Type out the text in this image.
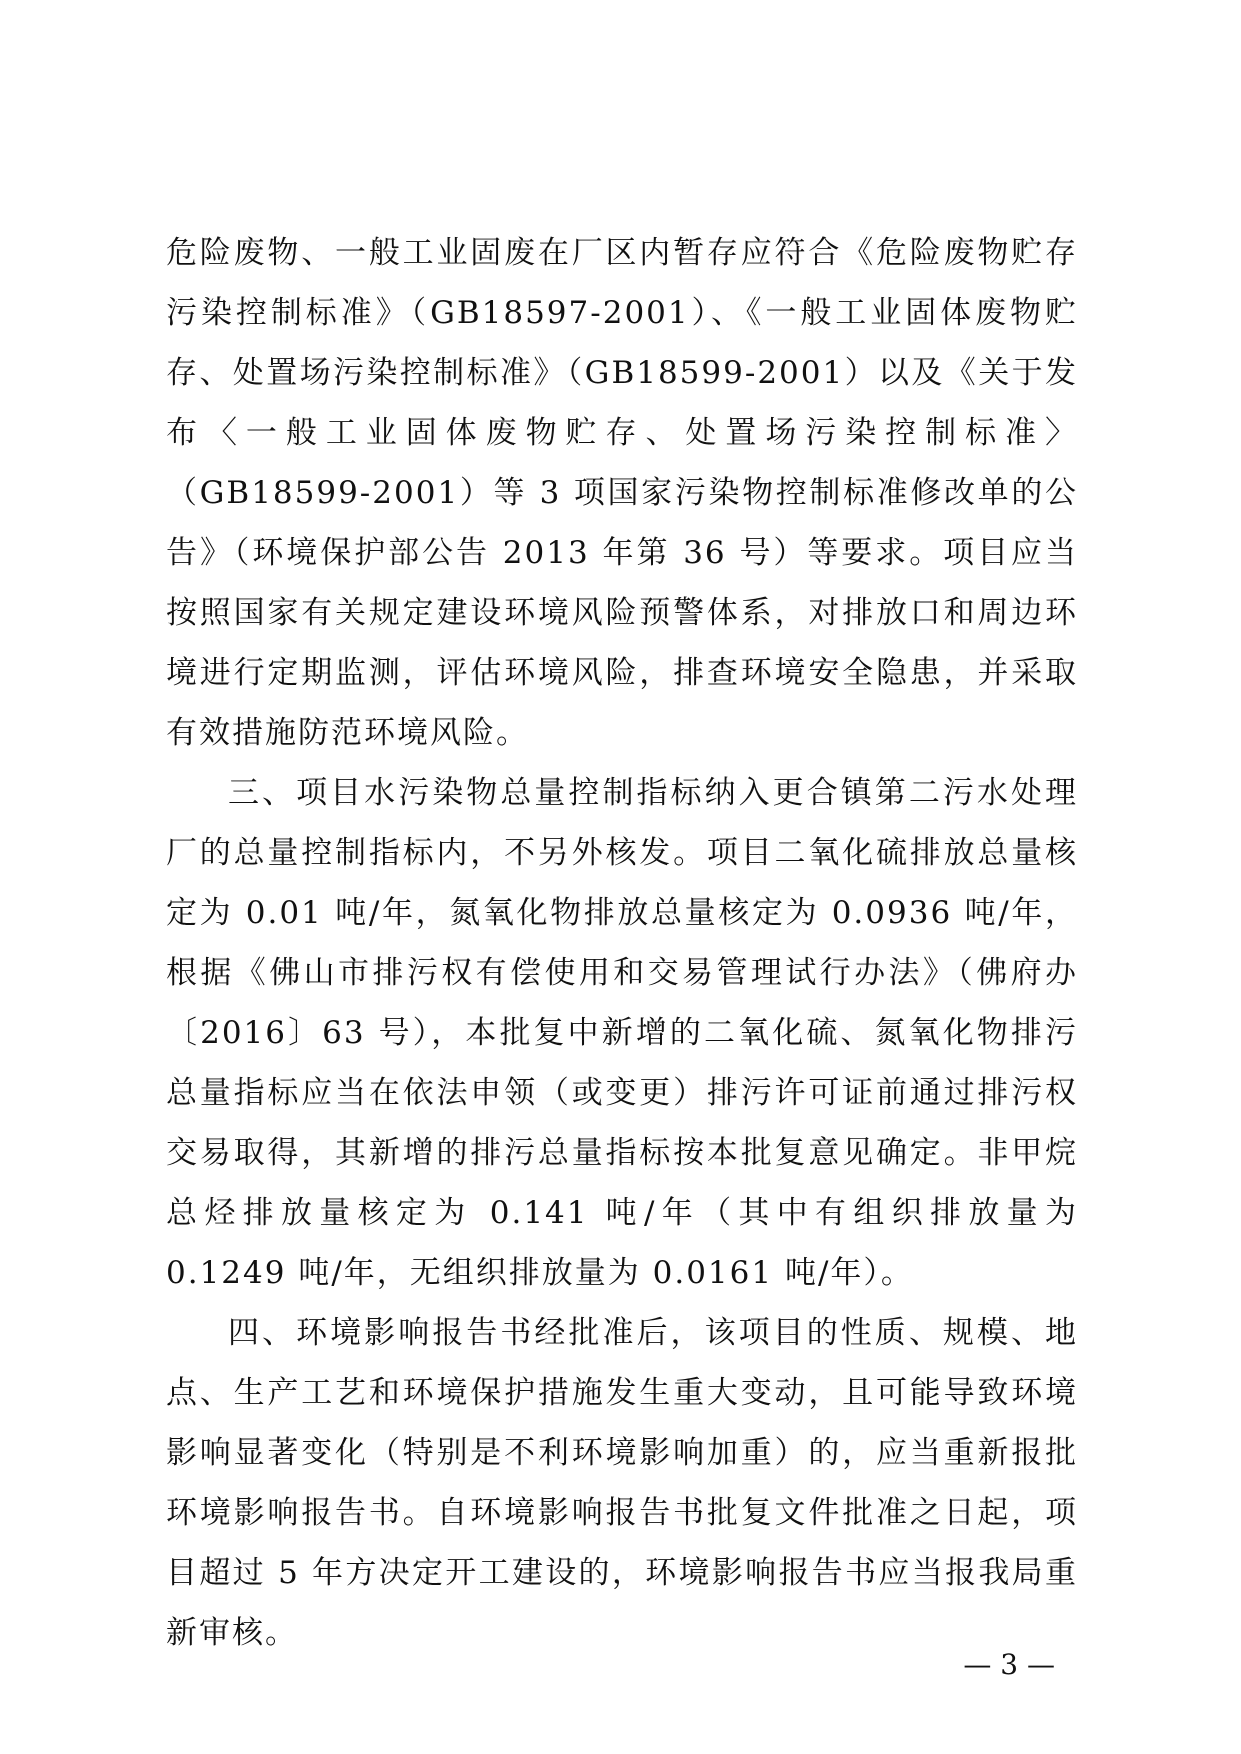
危险废物、一般工业固废在厂区内暂存应符合《危险废物贮存污染控制标准》（GB18597-2001）、《一般工业固体废物贮存、处置场污染控制标准》（GB18599-2001）以及《关于发布〈一般工业固体废物贮存、处置场污染控制标准〉（GB18599-2001）等 3 项国家污染物控制标准修改单的公告》（环境保护部公告 2013 年第 36 号）等要求。项目应当按照国家有关规定建设环境风险预警体系，对排放口和周边环境进行定期监测，评估环境风险，排查环境安全隐患，并采取有效措施防范环境风险。

三、项目水污染物总量控制指标纳入更合镇第二污水处理厂的总量控制指标内，不另外核发。项目二氧化硫排放总量核定为 0.01 吨/年，氮氧化物排放总量核定为 0.0936 吨/年，根据《佛山市排污权有偿使用和交易管理试行办法》（佛府办〔2016〕63 号），本批复中新增的二氧化硫、氮氧化物排污总量指标应当在依法申领（或变更）排污许可证前通过排污权交易取得，其新增的排污总量指标按本批复意见确定。非甲烷总烃排放量核定为 0.141 吨/年（其中有组织排放量为 0.1249 吨/年，无组织排放量为 0.0161 吨/年）。

四、环境影响报告书经批准后，该项目的性质、规模、地点、生产工艺和环境保护措施发生重大变动，且可能导致环境影响显著变化（特别是不利环境影响加重）的，应当重新报批环境影响报告书。自环境影响报告书批复文件批准之日起，项目超过 5 年方决定开工建设的，环境影响报告书应当报我局重新审核。

— 3 —
